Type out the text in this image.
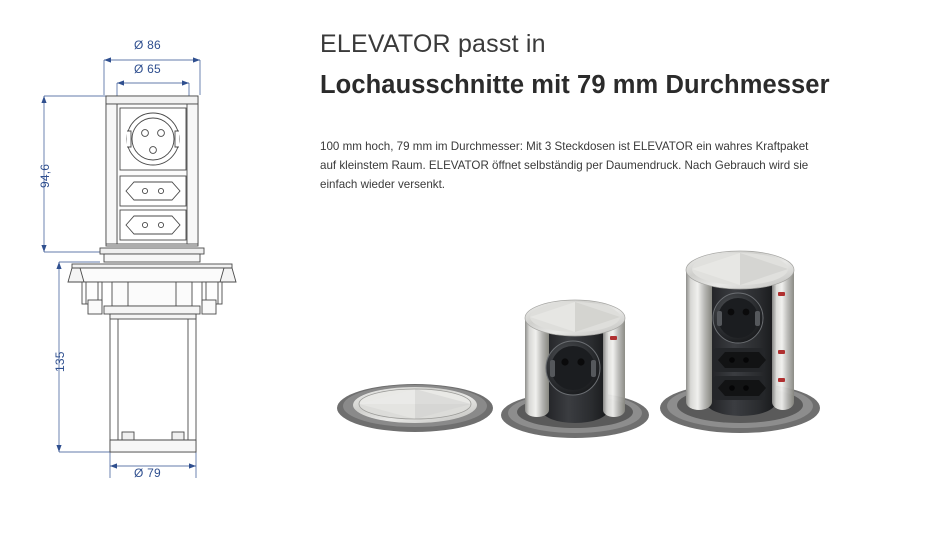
Ø 86
Ø 65
94,6
135
Ø 79
ELEVATOR passt in
Lochausschnitte mit 79 mm Durchmesser

100 mm hoch, 79 mm im Durchmesser: Mit 3 Steckdosen ist ELEVATOR ein wahres Kraftpaket auf kleinstem Raum. ELEVATOR öffnet selbständig per Daumendruck. Nach Gebrauch wird sie einfach wieder versenkt.
